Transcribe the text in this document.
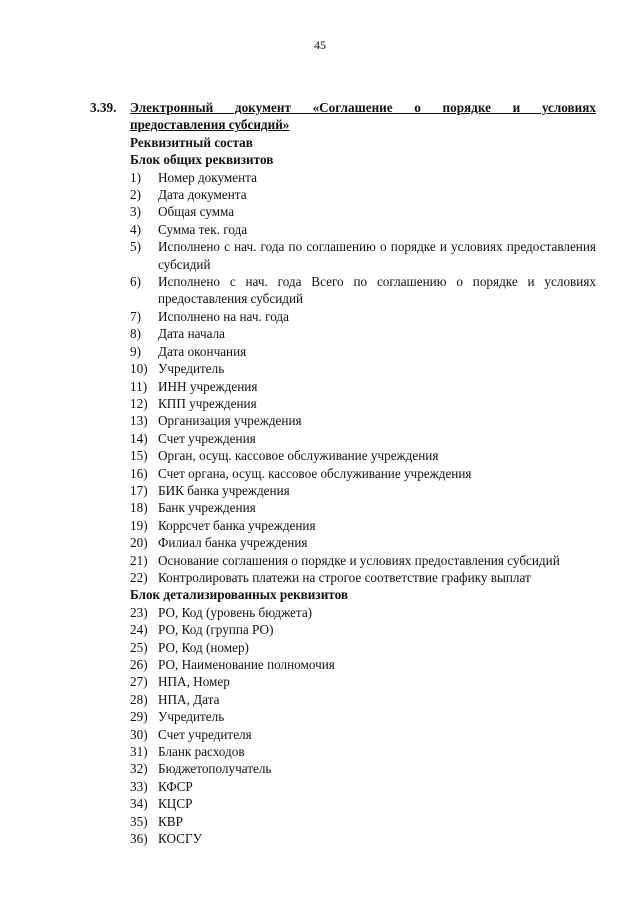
45
3.39. Электронный документ «Соглашение о порядке и условиях
предоставления субсидий»
Реквизитный состав
Блок общих реквизитов
1) Номер документа
2) Дата документа
3) Общая сумма
4) Сумма тек. года
5) Исполнено с нач. года по соглашению о порядке и условиях предоставления субсидий
6) Исполнено с нач. года Всего по соглашению о порядке и условиях предоставления субсидий
7) Исполнено на нач. года
8) Дата начала
9) Дата окончания
10) Учредитель
11) ИНН учреждения
12) КПП учреждения
13) Организация учреждения
14) Счет учреждения
15) Орган, осущ. кассовое обслуживание учреждения
16) Счет органа, осущ. кассовое обслуживание учреждения
17) БИК банка учреждения
18) Банк учреждения
19) Коррсчет банка учреждения
20) Филиал банка учреждения
21) Основание соглашения о порядке и условиях предоставления субсидий
22) Контролировать платежи на строгое соответствие графику выплат
Блок детализированных реквизитов
23) РО, Код (уровень бюджета)
24) РО, Код (группа РО)
25) РО, Код (номер)
26) РО, Наименование полномочия
27) НПА, Номер
28) НПА, Дата
29) Учредитель
30) Счет учредителя
31) Бланк расходов
32) Бюджетополучатель
33) КФСР
34) КЦСР
35) КВР
36) КОСГУ
